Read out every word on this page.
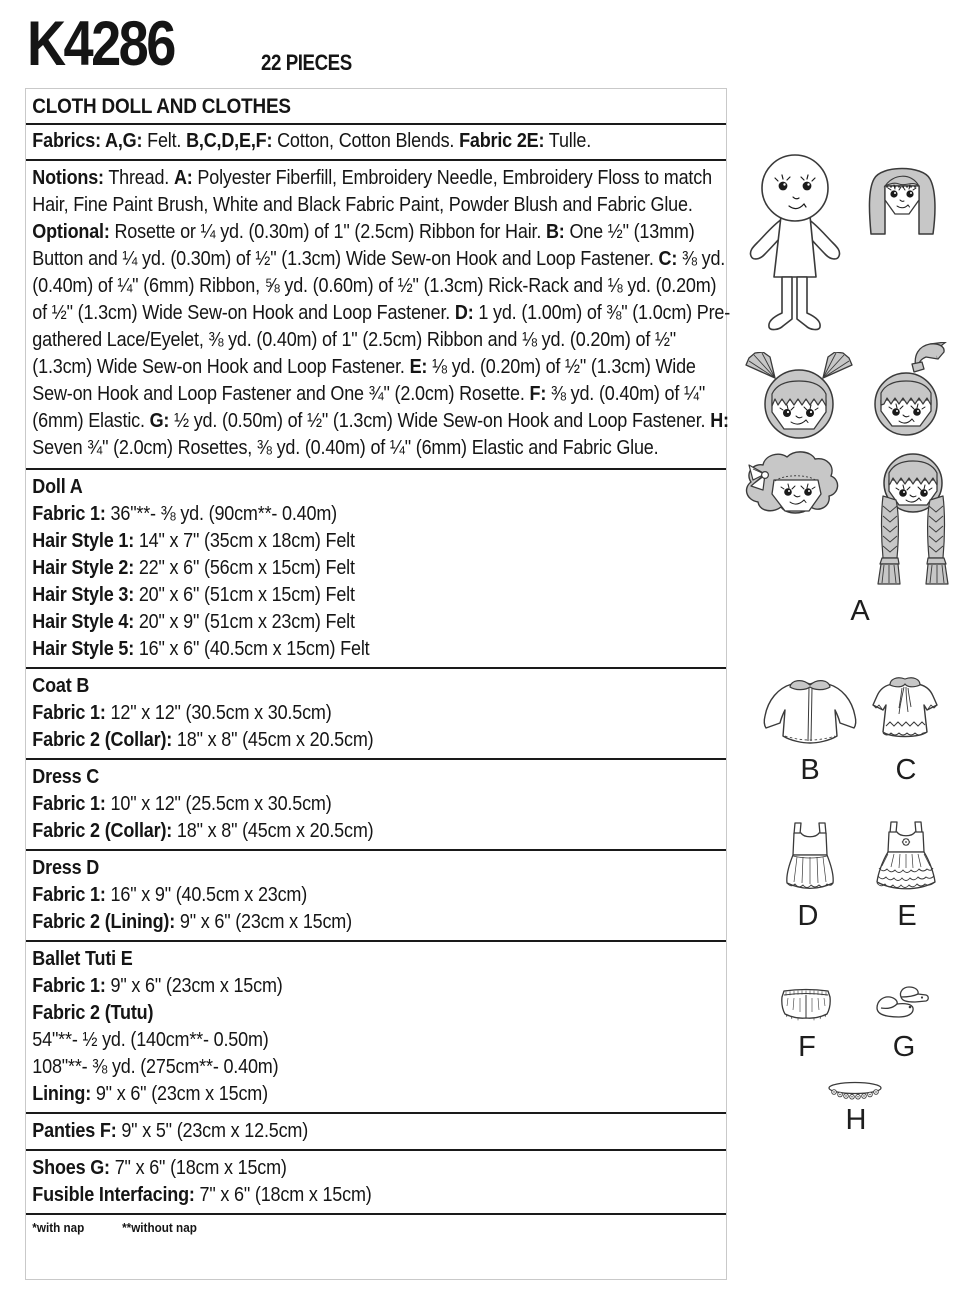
K4286	22 PIECES
CLOTH DOLL AND CLOTHES
Fabrics: A,G: Felt. B,C,D,E,F: Cotton, Cotton Blends. Fabric 2E: Tulle.
Notions: Thread. A: Polyester Fiberfill, Embroidery Needle, Embroidery Floss to match Hair, Fine Paint Brush, White and Black Fabric Paint, Powder Blush and Fabric Glue. Optional: Rosette or ¼ yd. (0.30m) of 1" (2.5cm) Ribbon for Hair. B: One ½" (13mm) Button and ¼ yd. (0.30m) of ½" (1.3cm) Wide Sew-on Hook and Loop Fastener. C: ⅜ yd. (0.40m) of ¼" (6mm) Ribbon, ⅝ yd. (0.60m) of ½" (1.3cm) Rick-Rack and ⅛ yd. (0.20m) of ½" (1.3cm) Wide Sew-on Hook and Loop Fastener. D: 1 yd. (1.00m) of ⅜" (1.0cm) Pre-gathered Lace/Eyelet, ⅜ yd. (0.40m) of 1" (2.5cm) Ribbon and ⅛ yd. (0.20m) of ½" (1.3cm) Wide Sew-on Hook and Loop Fastener. E: ⅛ yd. (0.20m) of ½" (1.3cm) Wide Sew-on Hook and Loop Fastener and One ¾" (2.0cm) Rosette. F: ⅜ yd. (0.40m) of ¼" (6mm) Elastic. G: ½ yd. (0.50m) of ½" (1.3cm) Wide Sew-on Hook and Loop Fastener. H: Seven ¾" (2.0cm) Rosettes, ⅜ yd. (0.40m) of ¼" (6mm) Elastic and Fabric Glue.
Doll A
Fabric 1: 36"**- ⅜ yd. (90cm**- 0.40m)
Hair Style 1: 14" x 7" (35cm x 18cm) Felt
Hair Style 2: 22" x 6" (56cm x 15cm) Felt
Hair Style 3: 20" x 6" (51cm x 15cm) Felt
Hair Style 4: 20" x 9" (51cm x 23cm) Felt
Hair Style 5: 16" x 6" (40.5cm x 15cm) Felt
Coat B
Fabric 1: 12" x 12" (30.5cm x 30.5cm)
Fabric 2 (Collar): 18" x 8" (45cm x 20.5cm)
Dress C
Fabric 1: 10" x 12" (25.5cm x 30.5cm)
Fabric 2 (Collar): 18" x 8" (45cm x 20.5cm)
Dress D
Fabric 1: 16" x 9" (40.5cm x 23cm)
Fabric 2 (Lining): 9" x 6" (23cm x 15cm)
Ballet Tuti E
Fabric 1: 9" x 6" (23cm x 15cm)
Fabric 2 (Tutu)
54"**- ½ yd. (140cm**- 0.50m)
108"**- ⅜ yd. (275cm**- 0.40m)
Lining: 9" x 6" (23cm x 15cm)
Panties F: 9" x 5" (23cm x 12.5cm)
Shoes G: 7" x 6" (18cm x 15cm)
Fusible Interfacing: 7" x 6" (18cm x 15cm)
*with nap	**without nap
A
B	C
D	E
F	G
H
